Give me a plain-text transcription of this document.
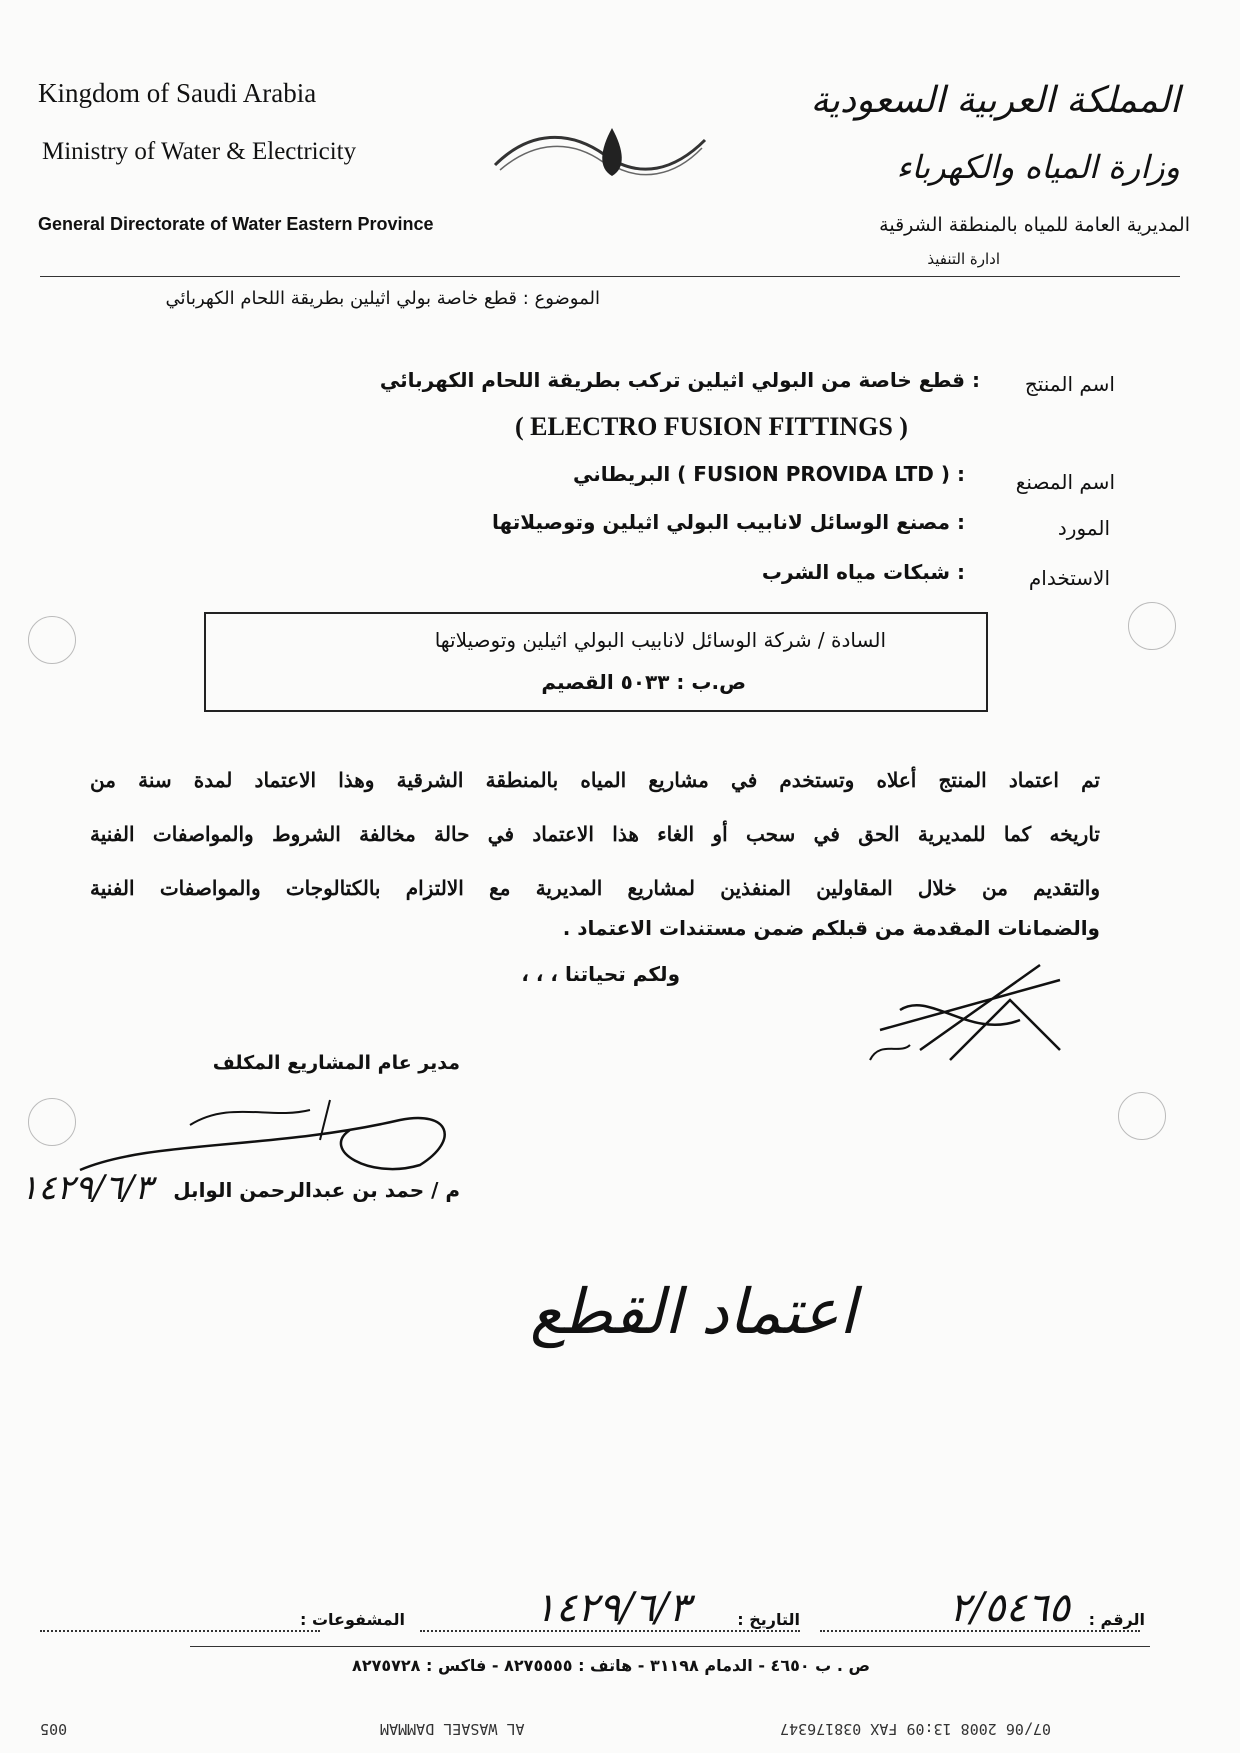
Kingdom of Saudi Arabia
Ministry of Water & Electricity
General Directorate of Water Eastern Province
المملكة العربية السعودية
وزارة المياه والكهرباء
المديرية العامة للمياه بالمنطقة الشرقية
ادارة التنفيذ
الموضوع : قطع خاصة بولي اثيلين بطريقة اللحام الكهربائي
اسم المنتج
: قطع خاصة من البولي اثيلين تركب بطريقة اللحام الكهربائي
( ELECTRO FUSION FITTINGS )
اسم المصنع
: ( FUSION PROVIDA LTD ) البريطاني
المورد
: مصنع الوسائل لانابيب البولي اثيلين وتوصيلاتها
الاستخدام
: شبكات مياه الشرب
السادة / شركة الوسائل لانابيب البولي اثيلين وتوصيلاتها
ص.ب : ٥٠٣٣ القصيم
تم اعتماد المنتج أعلاه وتستخدم في مشاريع المياه بالمنطقة الشرقية وهذا الاعتماد لمدة سنة من
تاريخه كما للمديرية الحق في سحب أو الغاء هذا الاعتماد في حالة مخالفة الشروط والمواصفات الفنية
والتقديم من خلال المقاولين المنفذين لمشاريع المديرية مع الالتزام بالكتالوجات والمواصفات الفنية
والضمانات المقدمة من قبلكم ضمن مستندات الاعتماد .
ولكم تحياتنا ، ، ،
مدير عام المشاريع المكلف
م / حمد بن عبدالرحمن الوابل
١٤٢٩/٦/٣
اعتماد القطع
الرقم :
٢/٥٤٦٥
التاريخ :
١٤٢٩/٦/٣
المشفوعات :
ص . ب ٤٦٥٠ - الدمام ٣١١٩٨ - هاتف : ٨٢٧٥٥٥٥ - فاكس : ٨٢٧٥٧٢٨
005	AL WASAEL DAMMAM	07/06 2008 13:09 FAX 038176347
